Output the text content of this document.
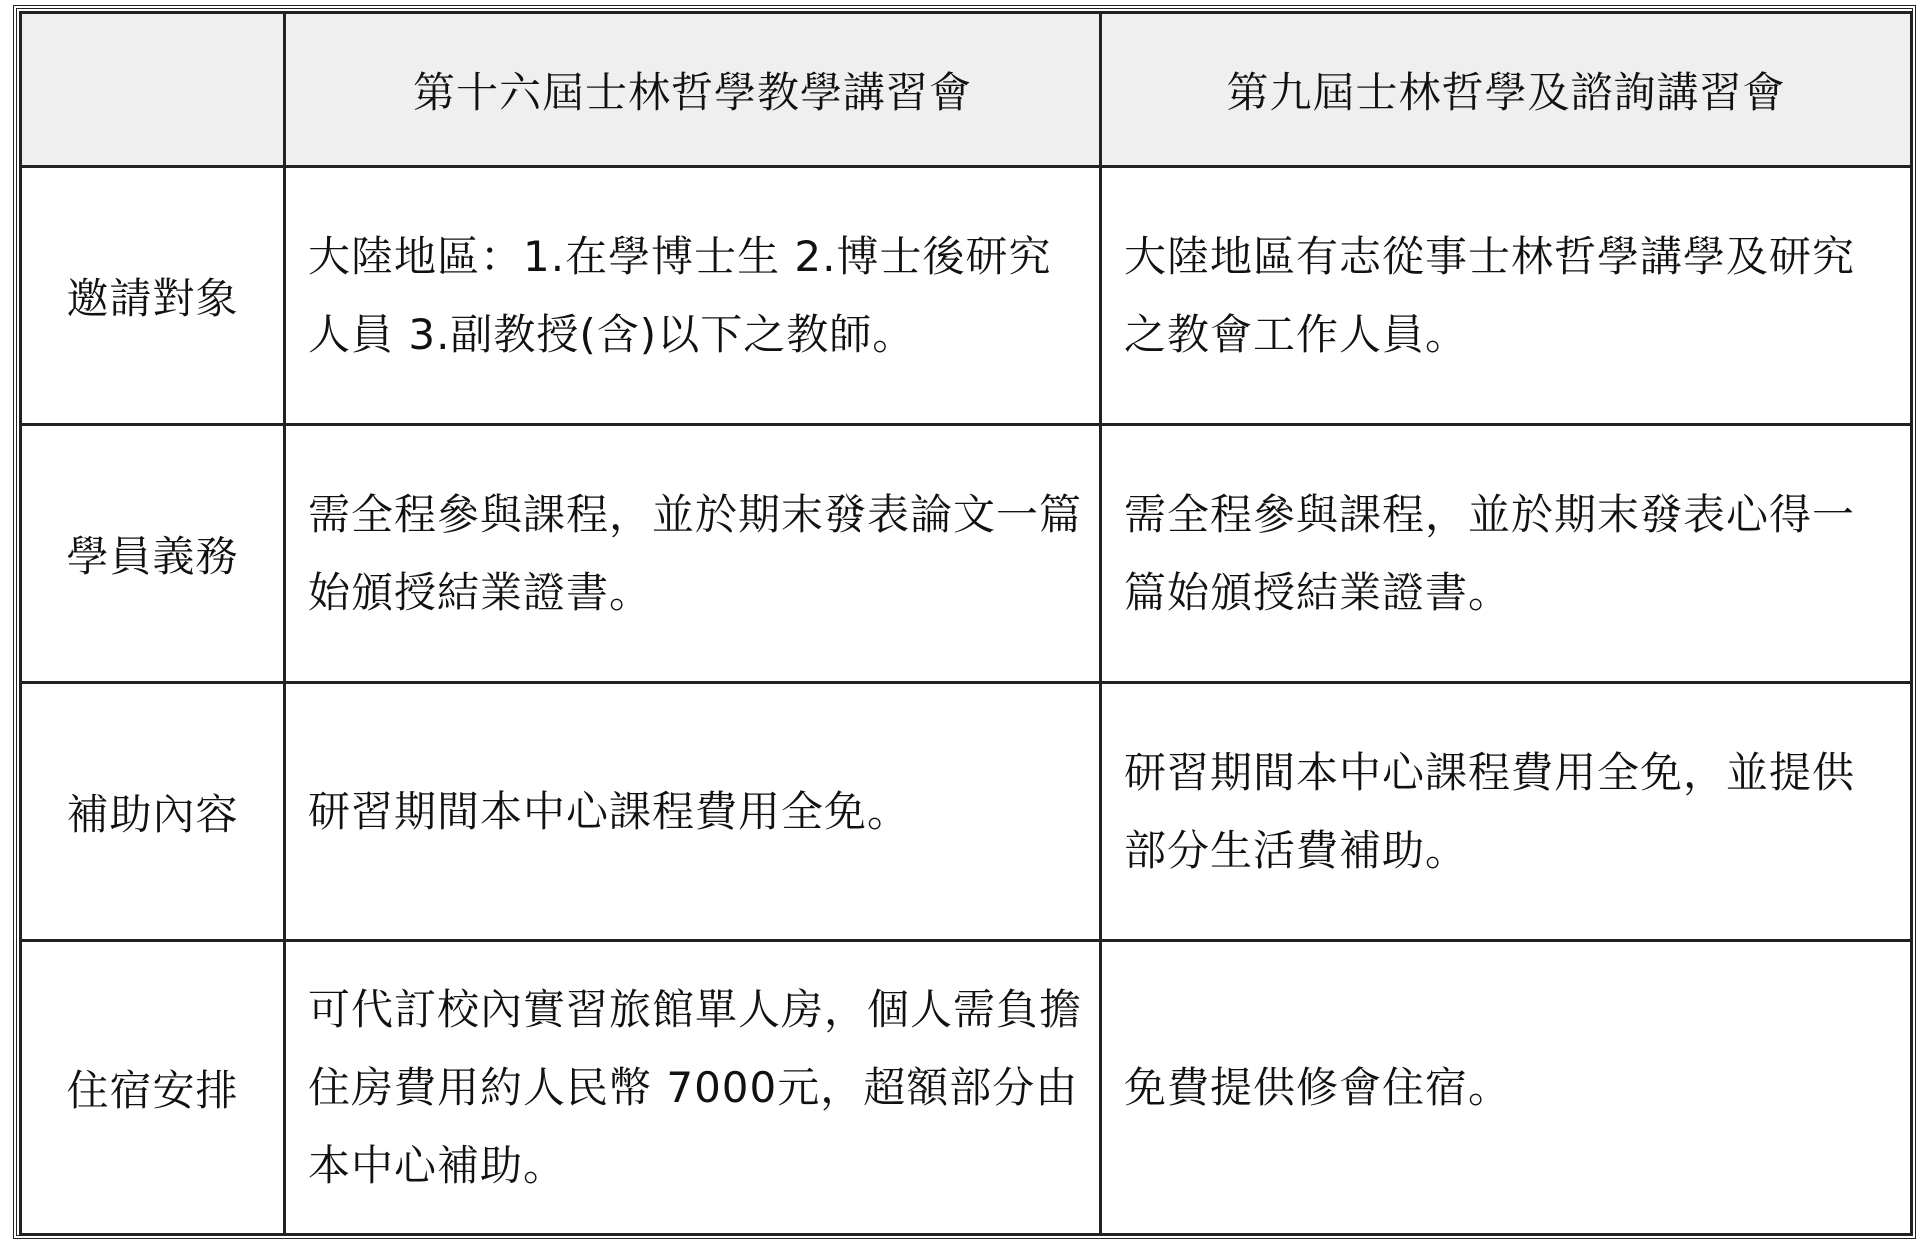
	第十六屆士林哲學教學講習會	第九屆士林哲學及諮詢講習會
邀請對象	大陸地區：1.在學博士生 2.博士後研究人員 3.副教授(含)以下之教師。	大陸地區有志從事士林哲學講學及研究之教會工作人員。

學員義務	需全程參與課程，並於期末發表論文一篇始頒授結業證書。	需全程參與課程，並於期末發表心得一篇始頒授結業證書。

補助內容	研習期間本中心課程費用全免。	研習期間本中心課程費用全免，並提供部分生活費補助。

住宿安排	可代訂校內實習旅館單人房，個人需負擔住房費用約人民幣 7000元，超額部分由本中心補助。	免費提供修會住宿。
